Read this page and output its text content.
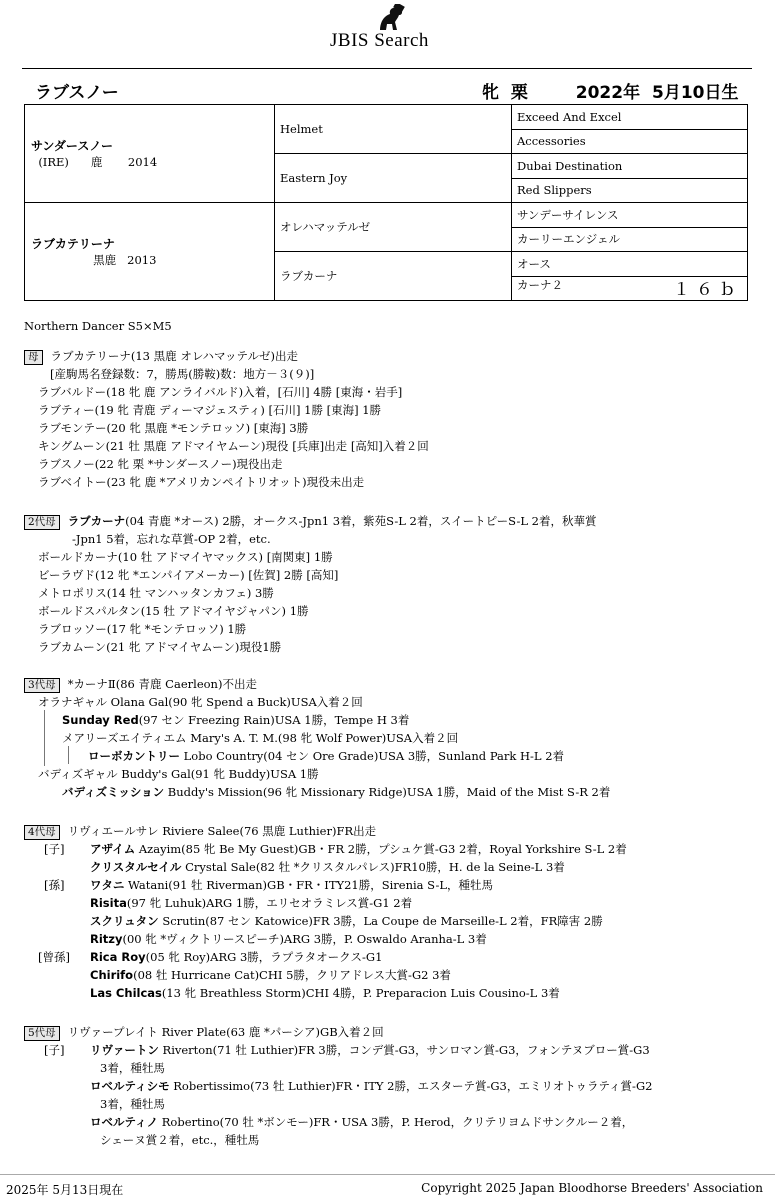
JBIS Search
ラブスノー	牝 栗	2022年 5月10日生
サンダースノー
(IRE) 鹿 2014	Helmet	Exceed And Excel
		Accessories
	Eastern Joy	Dubai Destination
		Red Slippers

ラブカテリーナ
黒鹿 2013	オレハマッテルゼ	サンデーサイレンス
		カーリーエンジェル
	ラブカーナ	オース
		カーナ２ １６ｂ
Northern Dancer S5×M5
母 ラブカテリーナ(13 黒鹿 オレハマッテルゼ)出走
[産駒馬名登録数：7，勝馬(勝鞍)数：地方－３(９)]
ラブバルドー(18 牝 鹿 アンライバルド)入着，[石川] 4勝 [東海・岩手]
ラブティー(19 牝 青鹿 ディーマジェスティ) [石川] 1勝 [東海] 1勝
ラブモンテー(20 牝 黒鹿 *モンテロッソ) [東海] 3勝
キングムーン(21 牡 黒鹿 アドマイヤムーン)現役 [兵庫]出走 [高知]入着２回
ラブスノー(22 牝 栗 *サンダースノー)現役出走
ラブベイトー(23 牝 鹿 *アメリカンペイトリオット)現役未出走
2代母 ラブカーナ(04 青鹿 *オース) 2勝，オークス-Jpn1 3着，紫苑S-L 2着，スイートピーS-L 2着，秋華賞
-Jpn1 5着，忘れな草賞-OP 2着，etc.
ボールドカーナ(10 牡 アドマイヤマックス) [南関東] 1勝
ビーラヴド(12 牝 *エンパイアメーカー) [佐賀] 2勝 [高知]
メトロポリス(14 牡 マンハッタンカフェ) 3勝
ボールドスパルタン(15 牡 アドマイヤジャパン) 1勝
ラブロッソー(17 牝 *モンテロッソ) 1勝
ラブカムーン(21 牝 アドマイヤムーン)現役1勝
3代母 *カーナⅡ(86 青鹿 Caerleon)不出走
オラナギャル Olana Gal(90 牝 Spend a Buck)USA入着２回
Sunday Red(97 セン Freezing Rain)USA 1勝，Tempe H 3着
メアリーズエイティエム Mary's A. T. M.(98 牝 Wolf Power)USA入着２回
ローボカントリー Lobo Country(04 セン Ore Grade)USA 3勝，Sunland Park H-L 2着
バディズギャル Buddy's Gal(91 牝 Buddy)USA 1勝
バディズミッション Buddy's Mission(96 牝 Missionary Ridge)USA 1勝，Maid of the Mist S-R 2着
4代母 リヴィエールサレ Riviere Salee(76 黒鹿 Luthier)FR出走
[子] アザイム Azayim(85 牝 Be My Guest)GB・FR 2勝，プシュケ賞-G3 2着，Royal Yorkshire S-L 2着
クリスタルセイル Crystal Sale(82 牡 *クリスタルパレス)FR10勝，H. de la Seine-L 3着
[孫] ワタニ Watani(91 牡 Riverman)GB・FR・ITY21勝，Sirenia S-L，種牡馬
Risita(97 牝 Luhuk)ARG 1勝，エリセオラミレス賞-G1 2着
スクリュタン Scrutin(87 セン Katowice)FR 3勝，La Coupe de Marseille-L 2着，FR障害 2勝
Ritzy(00 牝 *ヴィクトリースピーチ)ARG 3勝，P. Oswaldo Aranha-L 3着
[曾孫] Rica Roy(05 牝 Roy)ARG 3勝，ラプラタオークス-G1
Chirifo(08 牡 Hurricane Cat)CHI 5勝，クリアドレス大賞-G2 3着
Las Chilcas(13 牝 Breathless Storm)CHI 4勝，P. Preparacion Luis Cousino-L 3着
5代母 リヴァープレイト River Plate(63 鹿 *パーシア)GB入着２回
[子] リヴァートン Riverton(71 牡 Luthier)FR 3勝，コンデ賞-G3，サンロマン賞-G3，フォンテヌブロー賞-G3
3着，種牡馬
ロベルティシモ Robertissimo(73 牡 Luthier)FR・ITY 2勝，エスターテ賞-G3，エミリオトゥラティ賞-G2
3着，種牡馬
ロベルティノ Robertino(70 牡 *ボンモー)FR・USA 3勝，P. Herod，クリテリヨムドサンクルー２着，
シェーヌ賞２着，etc.，種牡馬
2025年 5月13日現在	Copyright 2025 Japan Bloodhorse Breeders' Association
